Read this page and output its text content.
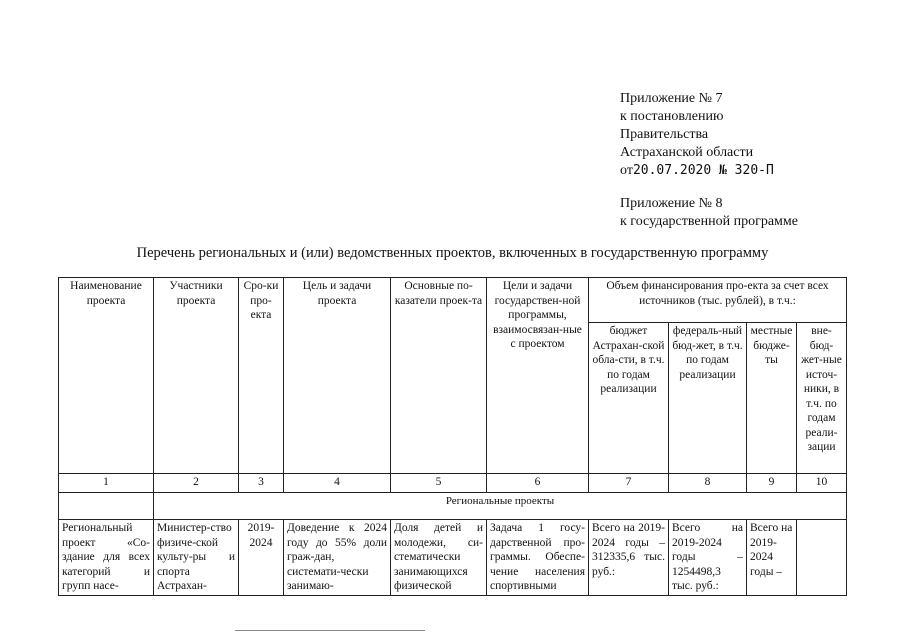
Приложение № 7
к постановлению
Правительства
Астраханской области
от20.07.2020 № 320-П
Приложение № 8
к государственной программе
Перечень региональных и (или) ведомственных проектов, включенных в государственную программу
Наименование проекта	Участники проекта	Сро-ки про-екта	Цель и задачи проекта	Основные по-казатели проек-та	Цели и задачи государствен-ной программы, взаимосвязан-ные с проектом	Объем финансирования про-екта за счет всех источников (тыс. рублей), в т.ч.:			
						бюджет Астрахан-ской обла-сти, в т.ч. по годам реализации	федераль-ный бюд-жет, в т.ч. по годам реализации	местные бюдже-ты	вне-бюд-жет-ные источ-ники, в т.ч. по годам реали-зации
1	2	3	4	5	6	7	8	9	10
	Региональные проекты								
Региональный проект «Со-здание для всех категорий и групп насе-	Министер-ство физиче-ской культу-ры и спорта Астрахан-	2019-2024	Доведение к 2024 году до 55% доли граж-дан, системати-чески занимаю-	Доля детей и молодежи, си-стематически занимающихся физической	Задача 1 госу-дарственной про-граммы. Обеспе-чение населения спортивными	Всего на 2019-2024 годы – 312335,6 тыс. руб.:	Всего на 2019-2024 годы – 1254498,3 тыс. руб.:	Всего на 2019-2024 годы –	
